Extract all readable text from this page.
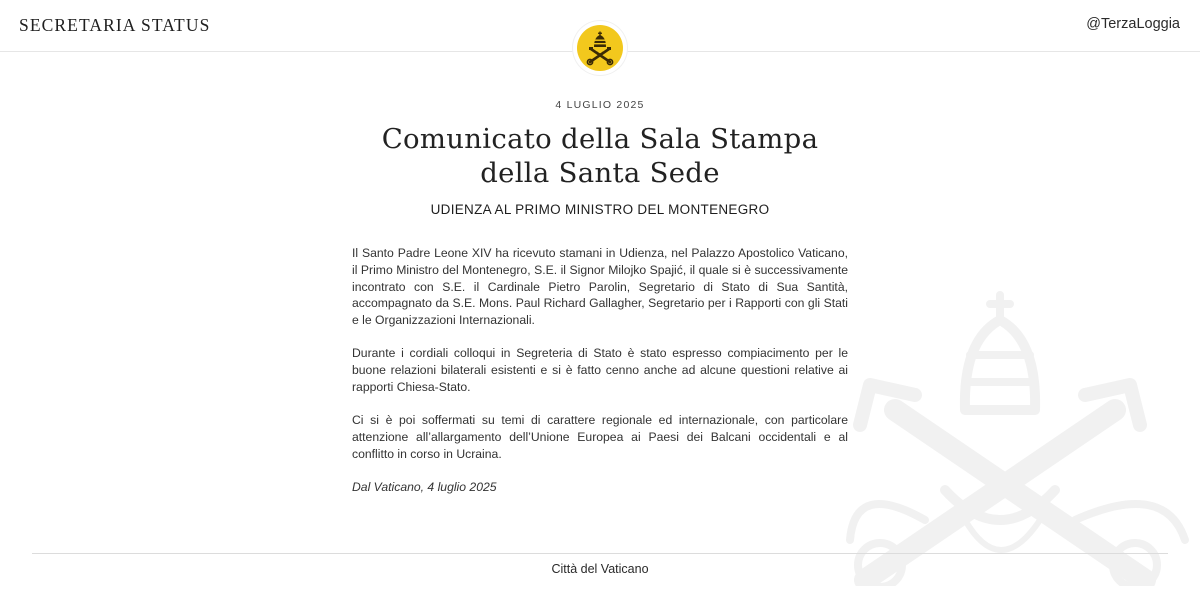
SECRETARIA STATUS	@TerzaLoggia
4 LUGLIO 2025
Comunicato della Sala Stampa
della Santa Sede
UDIENZA AL PRIMO MINISTRO DEL MONTENEGRO

Il Santo Padre Leone XIV ha ricevuto stamani in Udienza, nel Palazzo Apostolico Vaticano, il Primo Ministro del Montenegro, S.E. il Signor Milojko Spajić, il quale si è successivamente incontrato con S.E. il Cardinale Pietro Parolin, Segretario di Stato di Sua Santità, accompagnato da S.E. Mons. Paul Richard Gallagher, Segretario per i Rapporti con gli Stati e le Organizzazioni Internazionali.

Durante i cordiali colloqui in Segreteria di Stato è stato espresso compiacimento per le buone relazioni bilaterali esistenti e si è fatto cenno anche ad alcune questioni relative ai rapporti Chiesa-Stato.

Ci si è poi soffermati su temi di carattere regionale ed internazionale, con particolare attenzione all’allargamento dell’Unione Europea ai Paesi dei Balcani occidentali e al conflitto in corso in Ucraina.

Dal Vaticano, 4 luglio 2025

Città del Vaticano
